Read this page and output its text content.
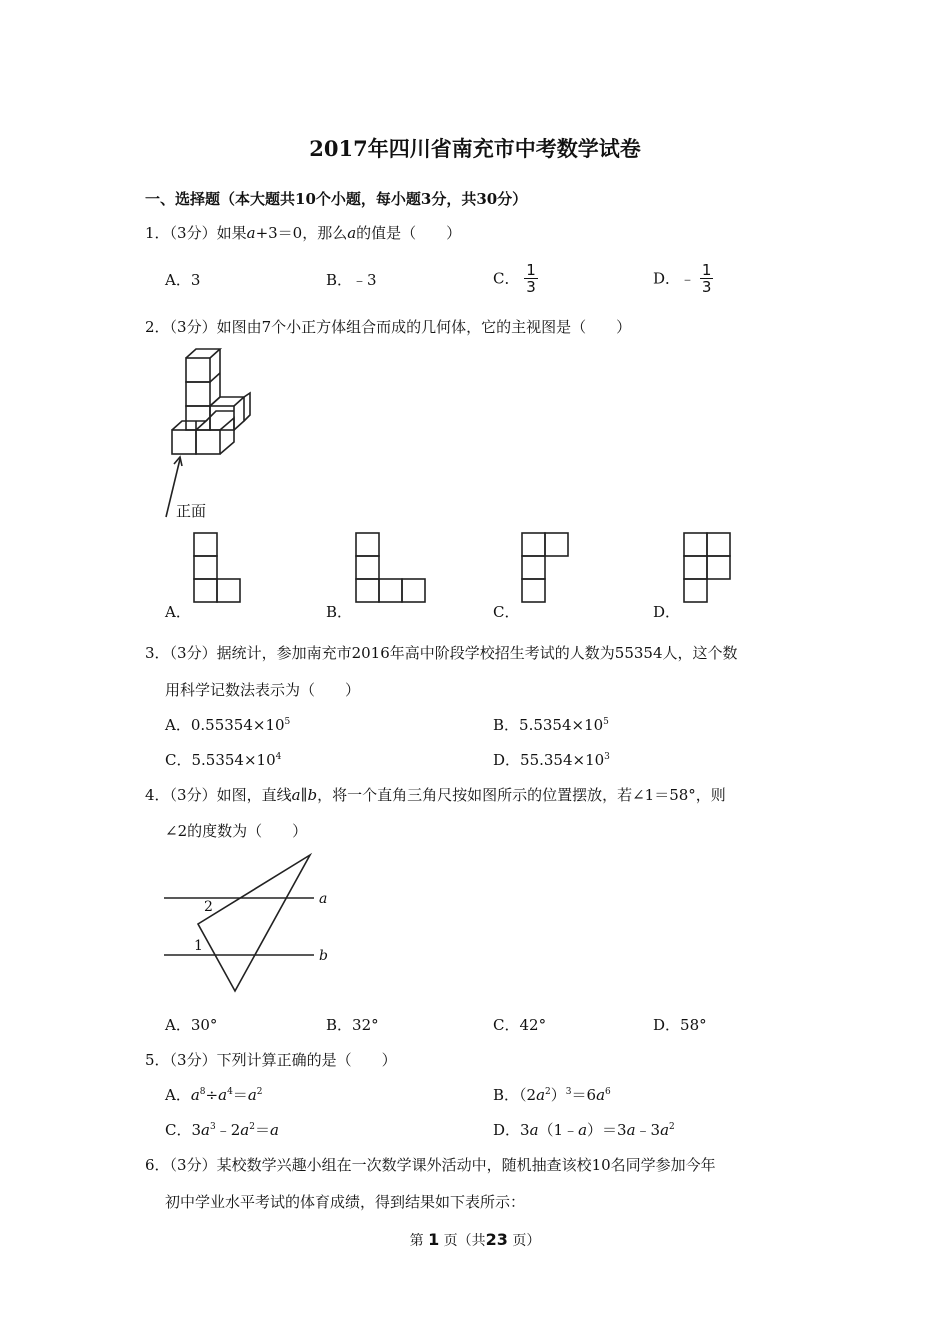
2017年四川省南充市中考数学试卷
一、选择题（本大题共10个小题，每小题3分，共30分）
1．（3分）如果a+3＝0，那么a的值是（　　）
A．3	B．﹣3	C． $\frac{1}{3}$	D．﹣ $\frac{1}{3}$
2．（3分）如图由7个小正方体组合而成的几何体，它的主视图是（　　）
正面
A．	B．	C．	D．
3．（3分）据统计，参加南充市2016年高中阶段学校招生考试的人数为55354人，这个数
用科学记数法表示为（　　）
A．$0.55354\times 10^5$	B．$5.5354\times 10^5$
C．$5.5354\times 10^4$	D．$55.354\times 10^3$
4．（3分）如图，直线a∥b，将一个直角三角尺按如图所示的位置摆放，若∠1＝58°，则
∠2的度数为（　　）
a
b
2
1
A．30°	B．32°	C．42°	D．58°
5．（3分）下列计算正确的是（　　）
A．$a^8\div a^4=a^2$	B．$(2a^2)^3=6a^6$
C．$3a^3﹣2a^2=a$	D．$3a(1﹣a)=3a﹣3a^2$
6．（3分）某校数学兴趣小组在一次数学课外活动中，随机抽查该校10名同学参加今年
初中学业水平考试的体育成绩，得到结果如下表所示：
第 1 页（共23 页）
